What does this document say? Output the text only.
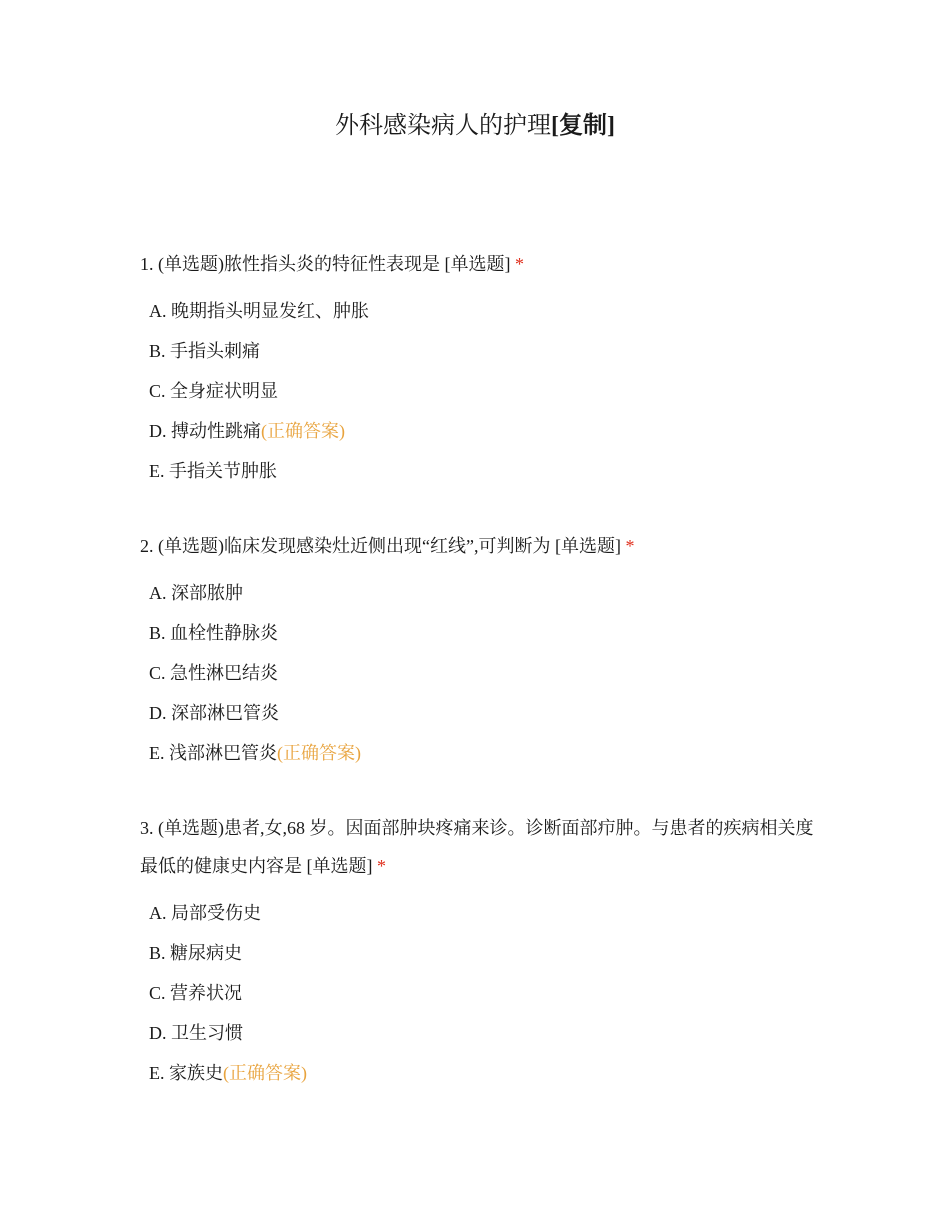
外科感染病人的护理[复制]

1. (单选题)脓性指头炎的特征性表现是 [单选题] *

A. 晚期指头明显发红、肿胀
B. 手指头刺痛
C. 全身症状明显
D. 搏动性跳痛(正确答案)
E. 手指关节肿胀

2. (单选题)临床发现感染灶近侧出现“红线”,可判断为 [单选题] *

A. 深部脓肿
B. 血栓性静脉炎
C. 急性淋巴结炎
D. 深部淋巴管炎
E. 浅部淋巴管炎(正确答案)

3. (单选题)患者,女,68 岁。因面部肿块疼痛来诊。诊断面部疖肿。与患者的疾病相关度最低的健康史内容是 [单选题] *

A. 局部受伤史
B. 糖尿病史
C. 营养状况
D. 卫生习惯
E. 家族史(正确答案)
